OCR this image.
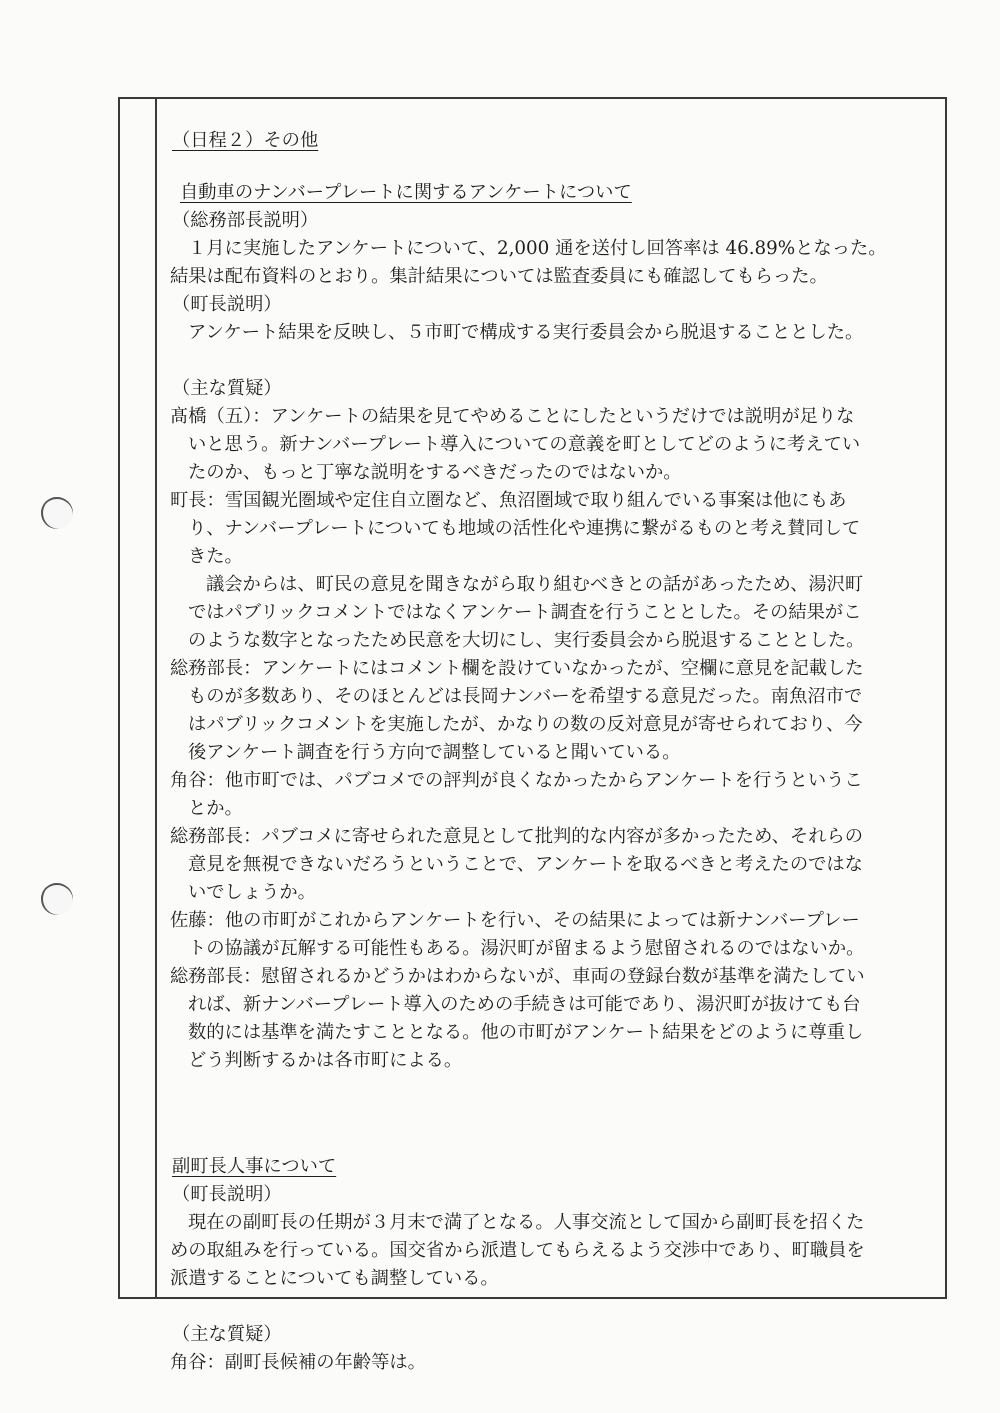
（日程２）その他
自動車のナンバープレートに関するアンケートについて
（総務部長説明）
１月に実施したアンケートについて、2,000 通を送付し回答率は 46.89%となった。
結果は配布資料のとおり。集計結果については監査委員にも確認してもらった。
（町長説明）
アンケート結果を反映し、５市町で構成する実行委員会から脱退することとした。
（主な質疑）
髙橋（五）：アンケートの結果を見てやめることにしたというだけでは説明が足りな
いと思う。新ナンバープレート導入についての意義を町としてどのように考えてい
たのか、もっと丁寧な説明をするべきだったのではないか。
町長：雪国観光圏域や定住自立圏など、魚沼圏域で取り組んでいる事案は他にもあ
り、ナンバープレートについても地域の活性化や連携に繋がるものと考え賛同して
きた。
議会からは、町民の意見を聞きながら取り組むべきとの話があったため、湯沢町
ではパブリックコメントではなくアンケート調査を行うこととした。その結果がこ
のような数字となったため民意を大切にし、実行委員会から脱退することとした。
総務部長：アンケートにはコメント欄を設けていなかったが、空欄に意見を記載した
ものが多数あり、そのほとんどは長岡ナンバーを希望する意見だった。南魚沼市で
はパブリックコメントを実施したが、かなりの数の反対意見が寄せられており、今
後アンケート調査を行う方向で調整していると聞いている。
角谷：他市町では、パブコメでの評判が良くなかったからアンケートを行うというこ
とか。
総務部長：パブコメに寄せられた意見として批判的な内容が多かったため、それらの
意見を無視できないだろうということで、アンケートを取るべきと考えたのではな
いでしょうか。
佐藤：他の市町がこれからアンケートを行い、その結果によっては新ナンバープレー
トの協議が瓦解する可能性もある。湯沢町が留まるよう慰留されるのではないか。
総務部長：慰留されるかどうかはわからないが、車両の登録台数が基準を満たしてい
れば、新ナンバープレート導入のための手続きは可能であり、湯沢町が抜けても台
数的には基準を満たすこととなる。他の市町がアンケート結果をどのように尊重し
どう判断するかは各市町による。
副町長人事について
（町長説明）
現在の副町長の任期が３月末で満了となる。人事交流として国から副町長を招くた
めの取組みを行っている。国交省から派遣してもらえるよう交渉中であり、町職員を
派遣することについても調整している。
（主な質疑）
角谷：副町長候補の年齢等は。
